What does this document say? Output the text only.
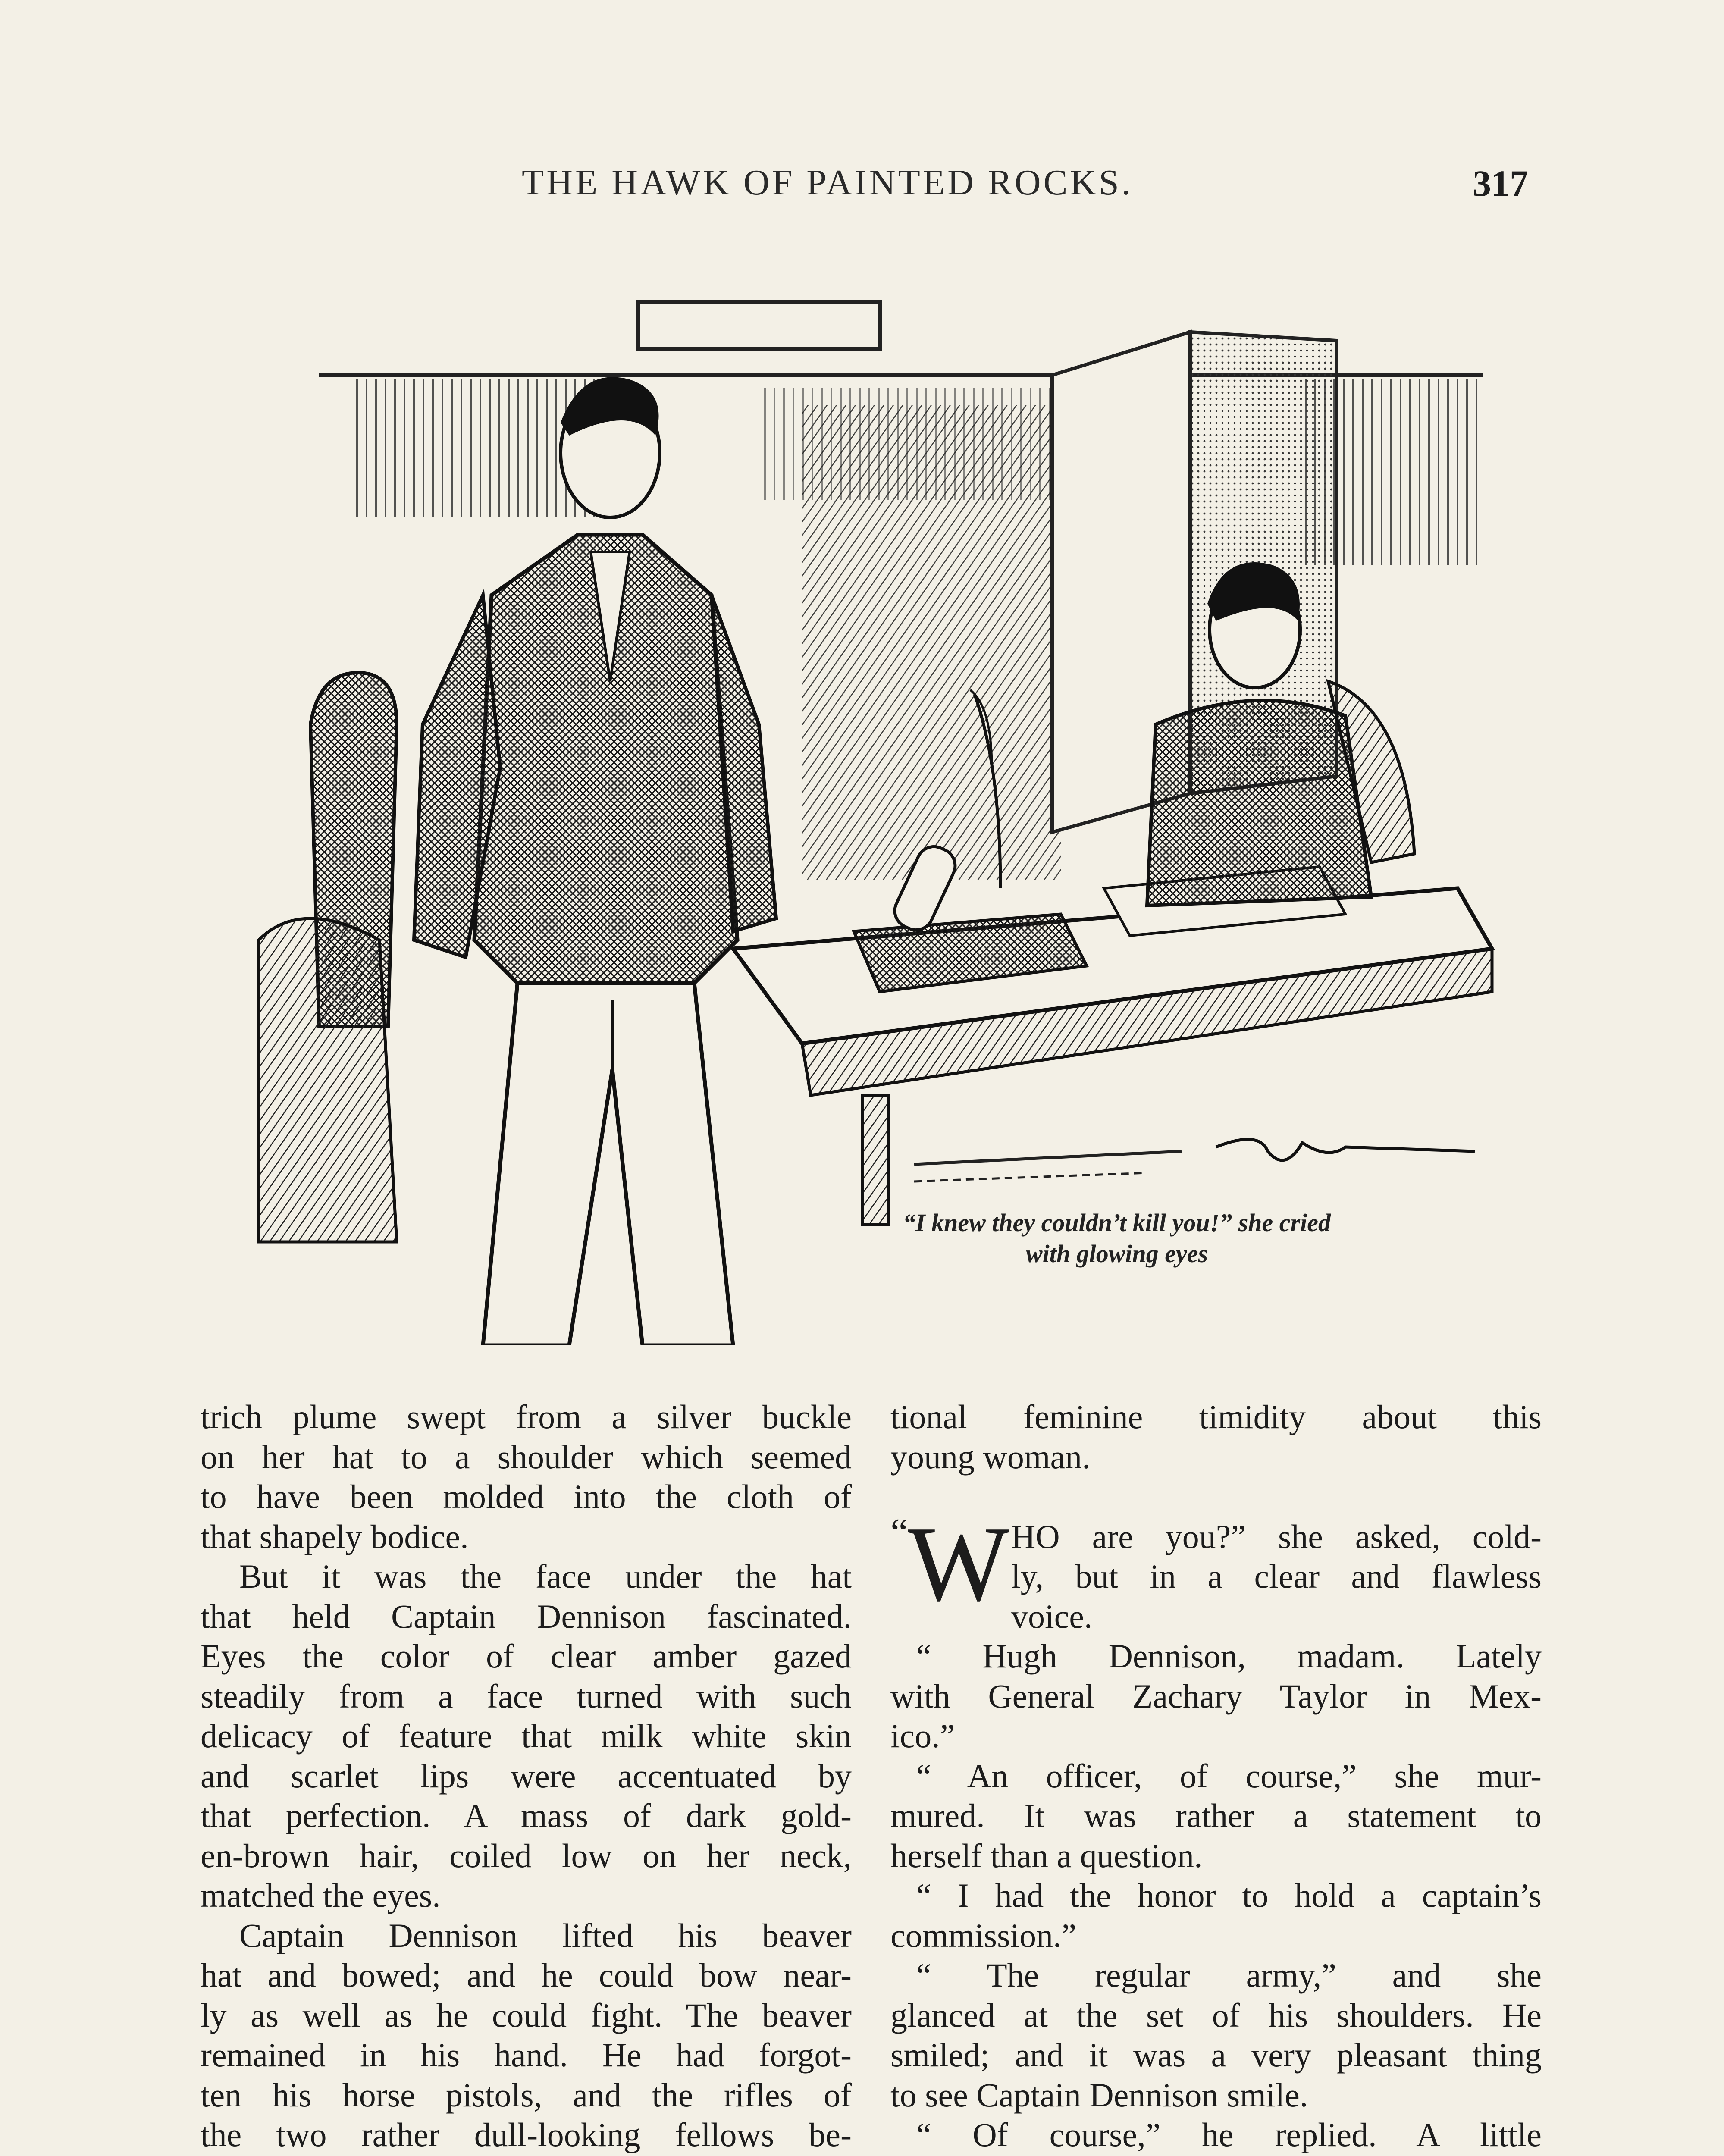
THE HAWK OF PAINTED ROCKS.	317
“I knew they couldn’t kill you!” she cried
with glowing eyes
trich plume swept from a silver buckle
on her hat to a shoulder which seemed
to have been molded into the cloth of
that shapely bodice.
But it was the face under the hat
that held Captain Dennison fascinated.
Eyes the color of clear amber gazed
steadily from a face turned with such
delicacy of feature that milk white skin
and scarlet lips were accentuated by
that perfection. A mass of dark gold-
en-brown hair, coiled low on her neck,
matched the eyes.
Captain Dennison lifted his beaver
hat and bowed; and he could bow near-
ly as well as he could fight. The beaver
remained in his hand. He had forgot-
ten his horse pistols, and the rifles of
the two rather dull-looking fellows be-
tional feminine timidity about this
young woman.
“ W HO are you?” she asked, cold-
ly, but in a clear and flawless
voice.
“ Hugh Dennison, madam. Lately
with General Zachary Taylor in Mex-
ico.”
“ An officer, of course,” she mur-
mured. It was rather a statement to
herself than a question.
“ I had the honor to hold a captain’s
commission.”
“ The regular army,” and she
glanced at the set of his shoulders. He
smiled; and it was a very pleasant thing
to see Captain Dennison smile.
“ Of course,” he replied. A little
